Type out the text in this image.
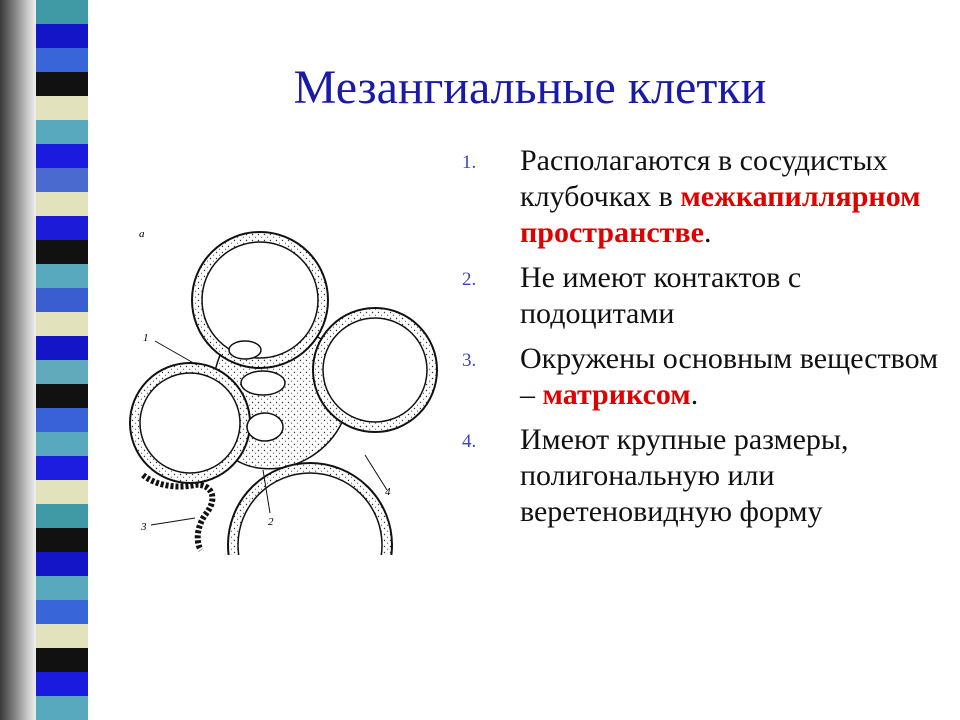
Мезангиальные клетки
1.	Располагаются в сосудистых клубочках в межкапиллярном пространстве.
2.	Не имеют контактов с подоцитами
3.	Окружены основным веществом – матриксом.
4.	Имеют крупные размеры, полигональную или веретеновидную форму
а
1
2
3
4
